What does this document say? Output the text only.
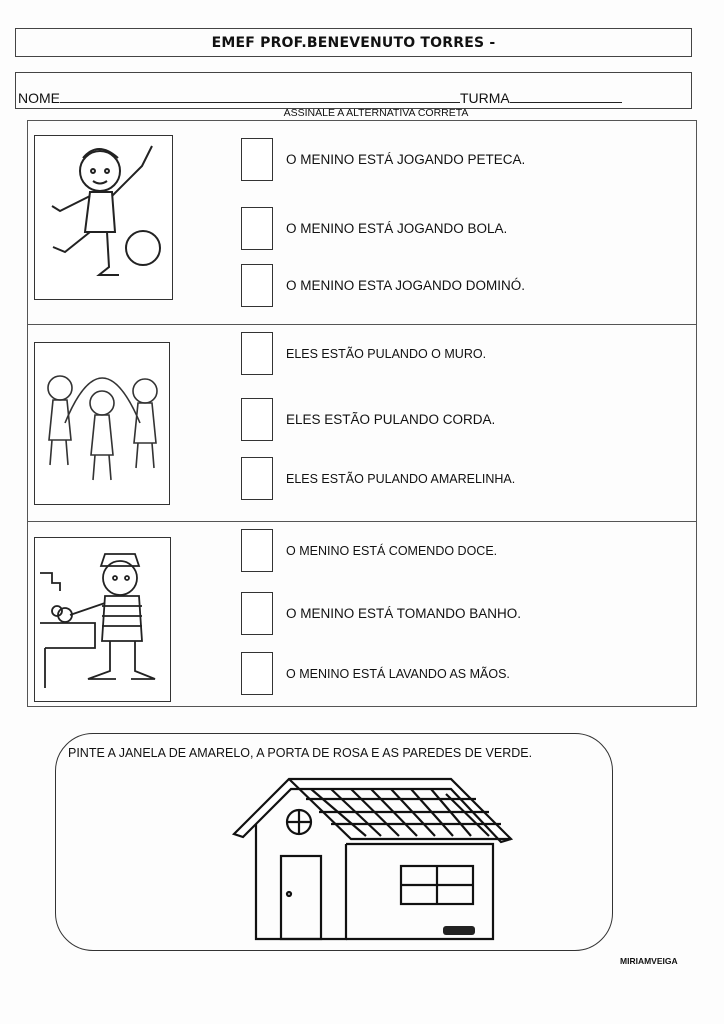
EMEF PROF.BENEVENUTO TORRES -
NOME	TURMA
ASSINALE A ALTERNATIVA CORRETA
O MENINO ESTÁ JOGANDO PETECA.
O MENINO ESTÁ JOGANDO BOLA.
O MENINO ESTA JOGANDO DOMINÓ.
ELES ESTÃO PULANDO O MURO.
ELES ESTÃO PULANDO CORDA.
ELES ESTÃO PULANDO AMARELINHA.
O MENINO ESTÁ COMENDO DOCE.
O MENINO ESTÁ TOMANDO BANHO.
O MENINO ESTÁ LAVANDO AS MÃOS.
PINTE A JANELA DE AMARELO, A PORTA DE ROSA E AS PAREDES DE VERDE.
MIRIAMVEIGA
